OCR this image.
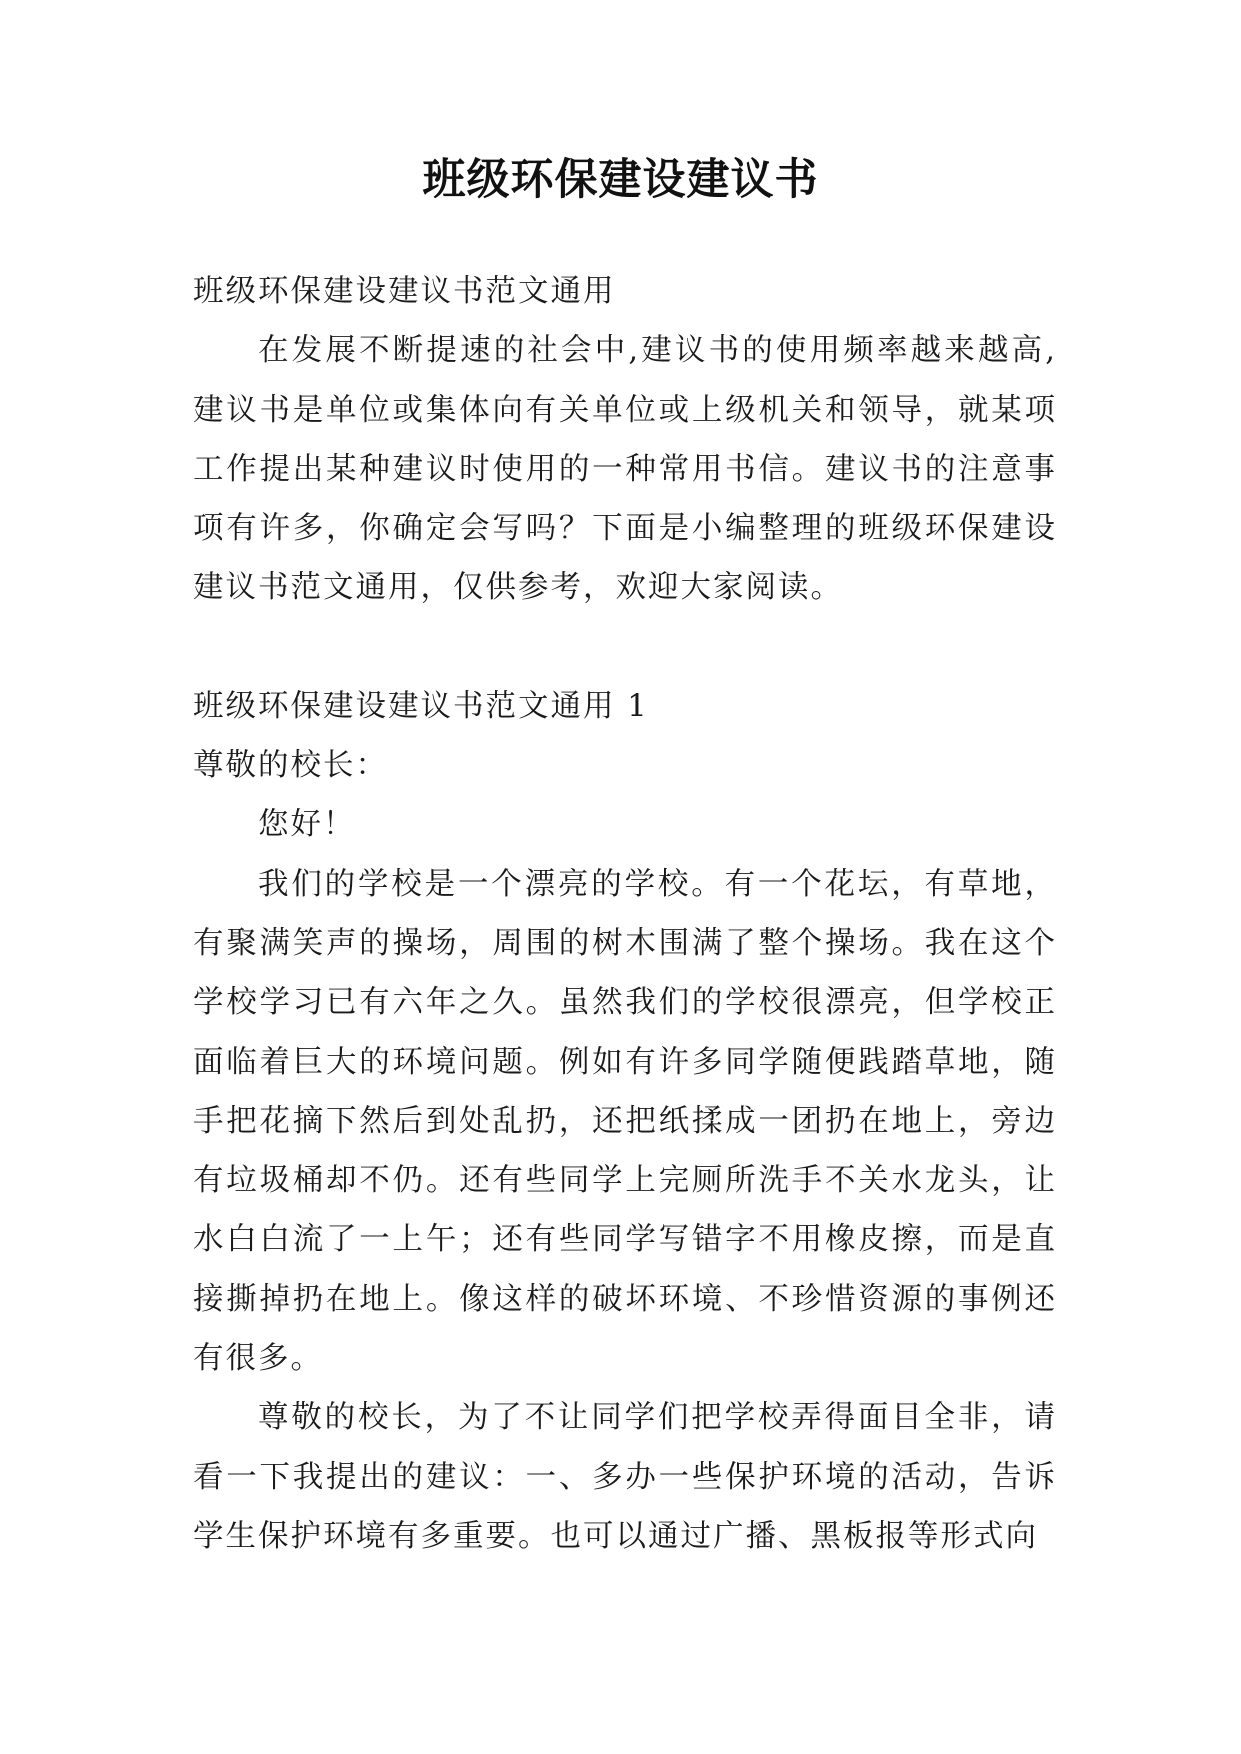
班级环保建设建议书

班级环保建设建议书范文通用

在发展不断提速的社会中,建议书的使用频率越来越高,建议书是单位或集体向有关单位或上级机关和领导，就某项工作提出某种建议时使用的一种常用书信。建议书的注意事项有许多，你确定会写吗？下面是小编整理的班级环保建设建议书范文通用，仅供参考，欢迎大家阅读。

班级环保建设建议书范文通用 1

尊敬的校长：

您好！

我们的学校是一个漂亮的学校。有一个花坛，有草地，有聚满笑声的操场，周围的树木围满了整个操场。我在这个学校学习已有六年之久。虽然我们的学校很漂亮，但学校正面临着巨大的环境问题。例如有许多同学随便践踏草地，随手把花摘下然后到处乱扔，还把纸揉成一团扔在地上，旁边有垃圾桶却不仍。还有些同学上完厕所洗手不关水龙头，让水白白流了一上午；还有些同学写错字不用橡皮擦，而是直接撕掉扔在地上。像这样的破坏环境、不珍惜资源的事例还有很多。

尊敬的校长，为了不让同学们把学校弄得面目全非，请看一下我提出的建议：一、多办一些保护环境的活动，告诉学生保护环境有多重要。也可以通过广播、黑板报等形式向
